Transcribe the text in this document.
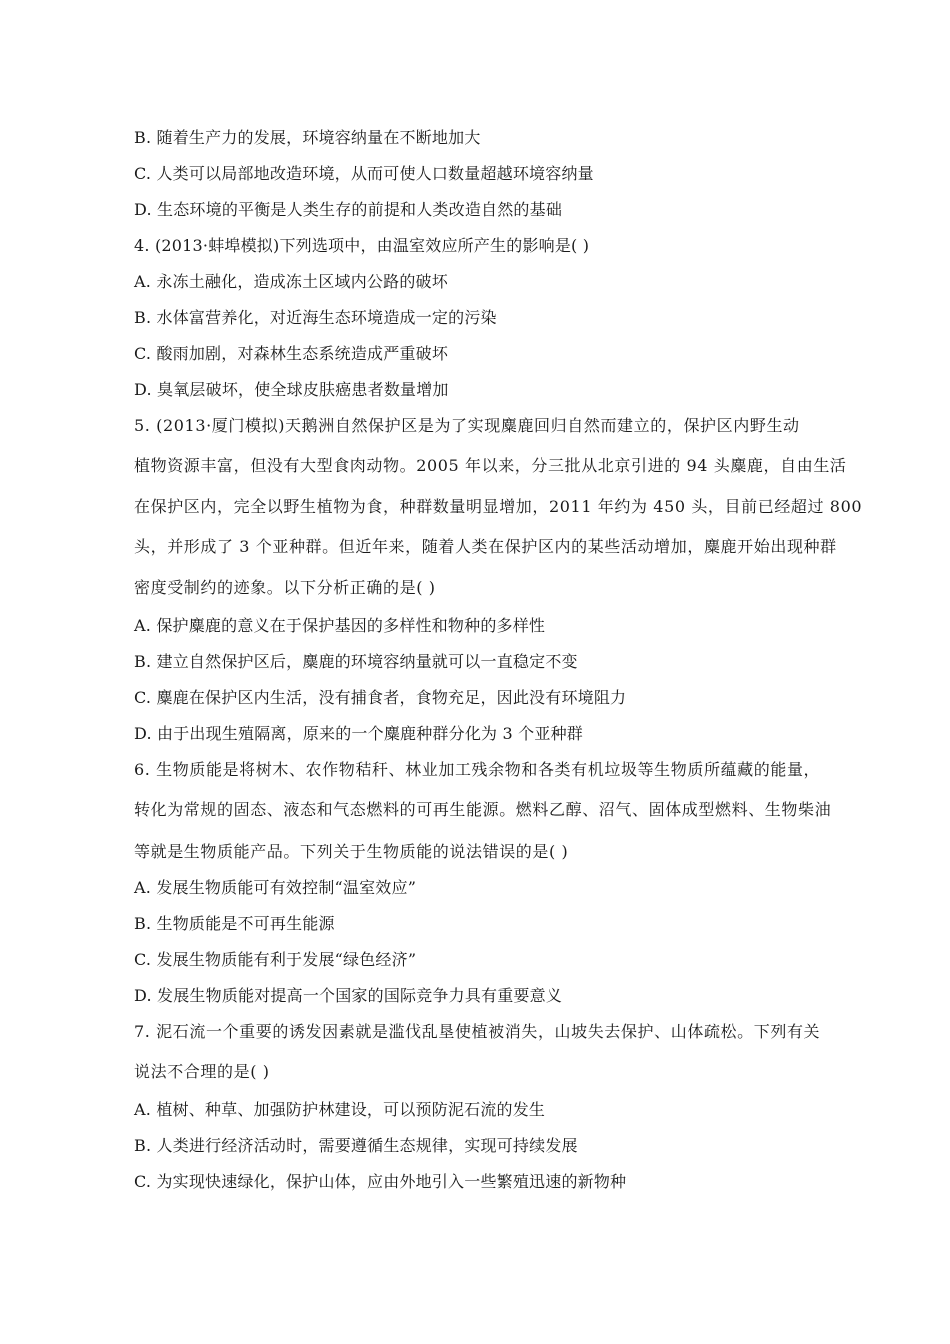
B. 随着生产力的发展，环境容纳量在不断地加大
C. 人类可以局部地改造环境，从而可使人口数量超越环境容纳量
D. 生态环境的平衡是人类生存的前提和人类改造自然的基础
4. (2013·蚌埠模拟)下列选项中，由温室效应所产生的影响是( )
A. 永冻土融化，造成冻土区域内公路的破坏
B. 水体富营养化，对近海生态环境造成一定的污染
C. 酸雨加剧，对森林生态系统造成严重破坏
D. 臭氧层破坏，使全球皮肤癌患者数量增加
5. (2013·厦门模拟)天鹅洲自然保护区是为了实现麋鹿回归自然而建立的，保护区内野生动
植物资源丰富，但没有大型食肉动物。2005 年以来，分三批从北京引进的 94 头麋鹿，自由生活
在保护区内，完全以野生植物为食，种群数量明显增加，2011 年约为 450 头，目前已经超过 800
头，并形成了 3 个亚种群。但近年来，随着人类在保护区内的某些活动增加，麋鹿开始出现种群
密度受制约的迹象。以下分析正确的是( )
A. 保护麋鹿的意义在于保护基因的多样性和物种的多样性
B. 建立自然保护区后，麋鹿的环境容纳量就可以一直稳定不变
C. 麋鹿在保护区内生活，没有捕食者，食物充足，因此没有环境阻力
D. 由于出现生殖隔离，原来的一个麋鹿种群分化为 3 个亚种群
6. 生物质能是将树木、农作物秸秆、林业加工残余物和各类有机垃圾等生物质所蕴藏的能量，
转化为常规的固态、液态和气态燃料的可再生能源。燃料乙醇、沼气、固体成型燃料、生物柴油
等就是生物质能产品。下列关于生物质能的说法错误的是( )
A. 发展生物质能可有效控制“温室效应”
B. 生物质能是不可再生能源
C. 发展生物质能有利于发展“绿色经济”
D. 发展生物质能对提高一个国家的国际竞争力具有重要意义
7. 泥石流一个重要的诱发因素就是滥伐乱垦使植被消失，山坡失去保护、山体疏松。下列有关
说法不合理的是( )
A. 植树、种草、加强防护林建设，可以预防泥石流的发生
B. 人类进行经济活动时，需要遵循生态规律，实现可持续发展
C. 为实现快速绿化，保护山体，应由外地引入一些繁殖迅速的新物种
